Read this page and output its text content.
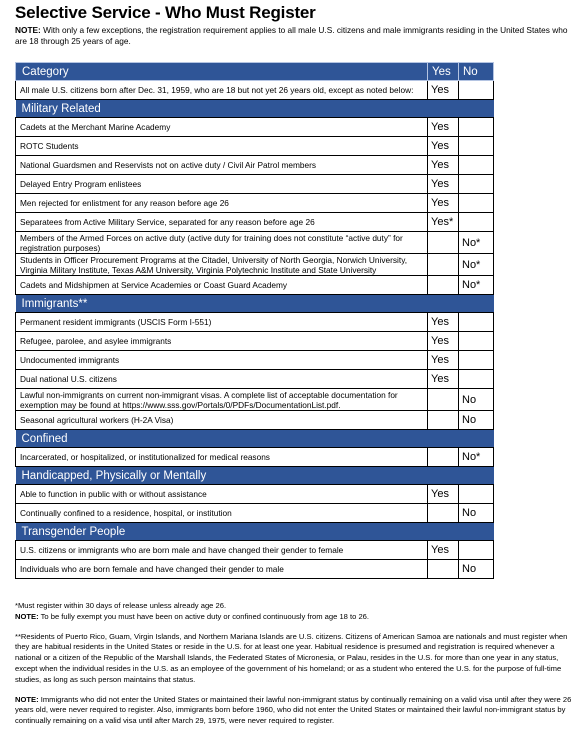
Selective Service - Who Must Register
NOTE: With only a few exceptions, the registration requirement applies to all male U.S. citizens and male immigrants residing in the United States who are 18 through 25 years of age.
Category	Yes	No
All male U.S. citizens born after Dec. 31, 1959, who are 18 but not yet 26 years old, except as noted below:	Yes	
Military Related		
Cadets at the Merchant Marine Academy	Yes	
ROTC Students	Yes	
National Guardsmen and Reservists not on active duty / Civil Air Patrol members	Yes	
Delayed Entry Program enlistees	Yes	
Men rejected for enlistment for any reason before age 26	Yes	
Separatees from Active Military Service, separated for any reason before age 26	Yes*	
Members of the Armed Forces on active duty (active duty for training does not constitute “active duty” for registration purposes)		No*
Students in Officer Procurement Programs at the Citadel, University of North Georgia, Norwich University, Virginia Military Institute, Texas A&M University, Virginia Polytechnic Institute and State University		No*
Cadets and Midshipmen at Service Academies or Coast Guard Academy		No*
Immigrants**		
Permanent resident immigrants (USCIS Form I-551)	Yes	
Refugee, parolee, and asylee immigrants	Yes	
Undocumented immigrants	Yes	
Dual national U.S. citizens	Yes	
Lawful non-immigrants on current non-immigrant visas. A complete list of acceptable documentation for exemption may be found at https://www.sss.gov/Portals/0/PDFs/DocumentationList.pdf.		No
Seasonal agricultural workers (H-2A Visa)		No
Confined		
Incarcerated, or hospitalized, or institutionalized for medical reasons		No*
Handicapped, Physically or Mentally		
Able to function in public with or without assistance	Yes	
Continually confined to a residence, hospital, or institution		No
Transgender People		
U.S. citizens or immigrants who are born male and have changed their gender to female	Yes	
Individuals who are born female and have changed their gender to male		No

*Must register within 30 days of release unless already age 26.

NOTE: To be fully exempt you must have been on active duty or confined continuously from age 18 to 26.

**Residents of Puerto Rico, Guam, Virgin Islands, and Northern Mariana Islands are U.S. citizens. Citizens of American Samoa are nationals and must register when they are habitual residents in the United States or reside in the U.S. for at least one year. Habitual residence is presumed and registration is required whenever a national or a citizen of the Republic of the Marshall Islands, the Federated States of Micronesia, or Palau, resides in the U.S. for more than one year in any status, except when the individual resides in the U.S. as an employee of the government of his homeland; or as a student who entered the U.S. for the purpose of full-time studies, as long as such person maintains that status.

NOTE: Immigrants who did not enter the United States or maintained their lawful non-immigrant status by continually remaining on a valid visa until after they were 26 years old, were never required to register. Also, immigrants born before 1960, who did not enter the United States or maintained their lawful non-immigrant status by continually remaining on a valid visa until after March 29, 1975, were never required to register.
